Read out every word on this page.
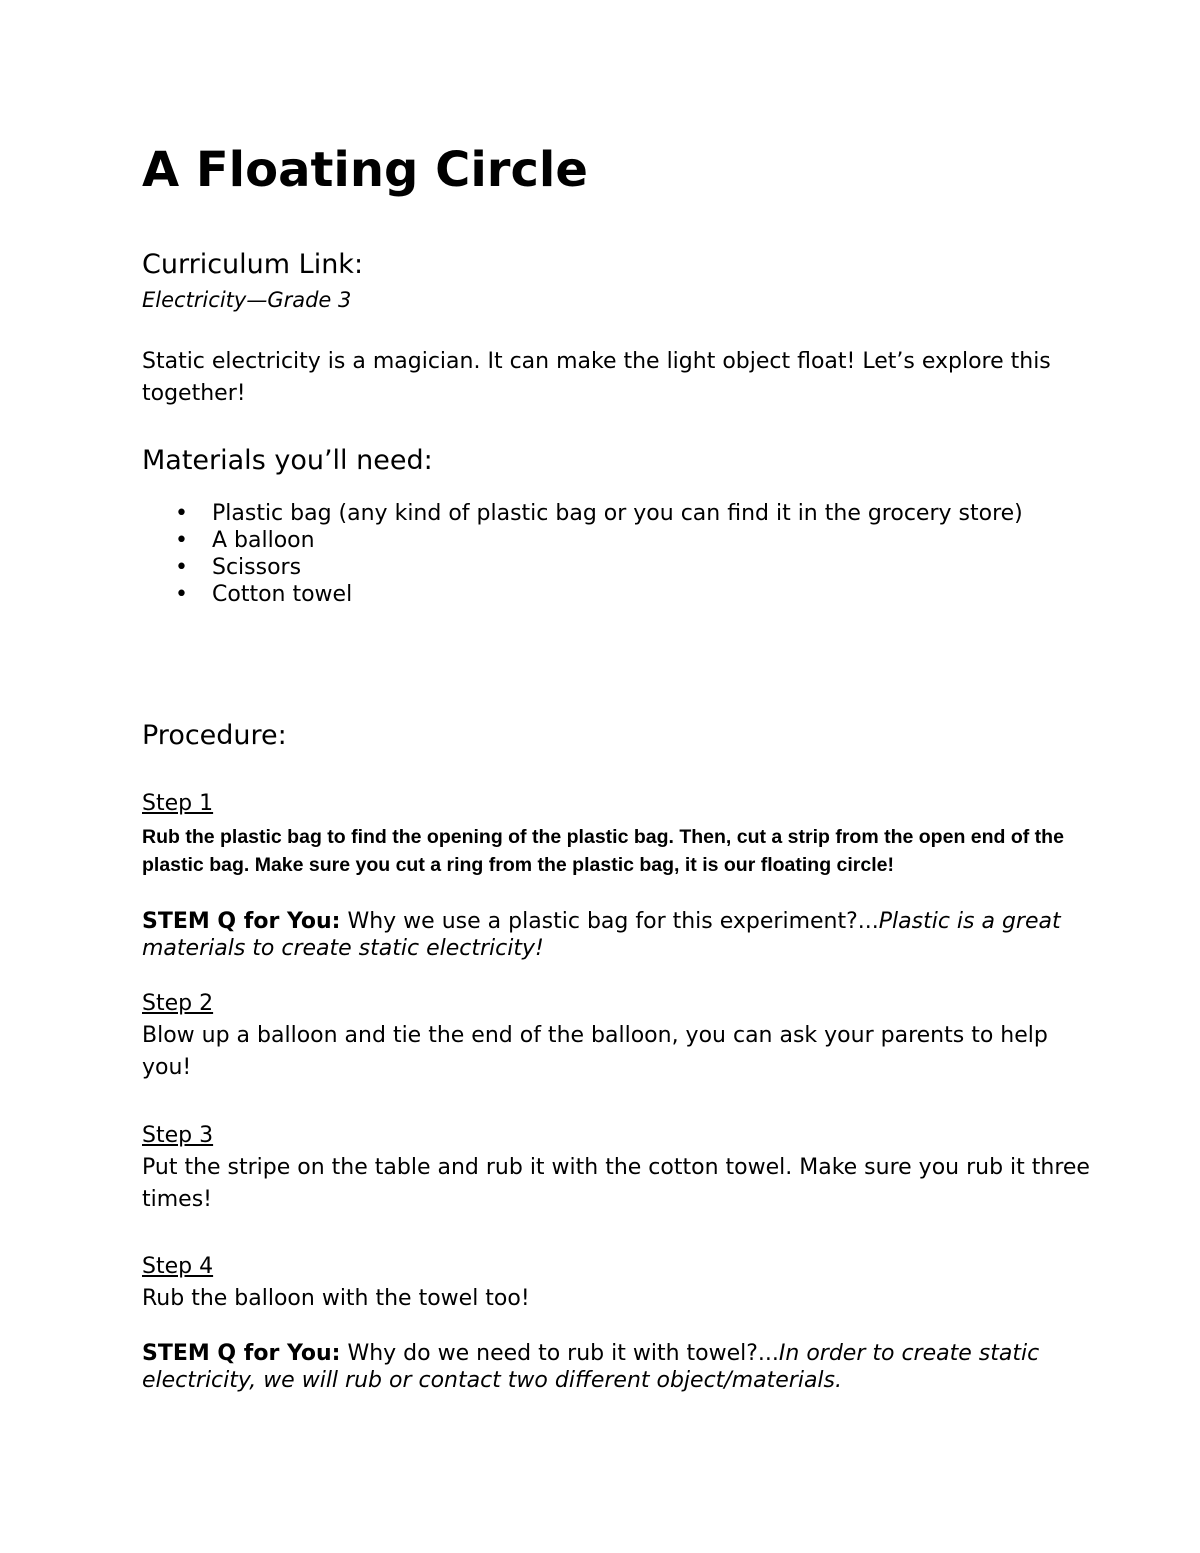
A Floating Circle
Curriculum Link:

Electricity—Grade 3

Static electricity is a magician. It can make the light object float! Let’s explore this together!

Materials you’ll need:
• Plastic bag (any kind of plastic bag or you can find it in the grocery store)
• A balloon
• Scissors
• Cotton towel
Procedure:

Step 1

Rub the plastic bag to find the opening of the plastic bag. Then, cut a strip from the open end of the plastic bag. Make sure you cut a ring from the plastic bag, it is our floating circle!

STEM Q for You: Why we use a plastic bag for this experiment?...Plastic is a great materials to create static electricity!

Step 2

Blow up a balloon and tie the end of the balloon, you can ask your parents to help you!

Step 3

Put the stripe on the table and rub it with the cotton towel. Make sure you rub it three times!

Step 4

Rub the balloon with the towel too!

STEM Q for You: Why do we need to rub it with towel?...In order to create static electricity, we will rub or contact two different object/materials.
